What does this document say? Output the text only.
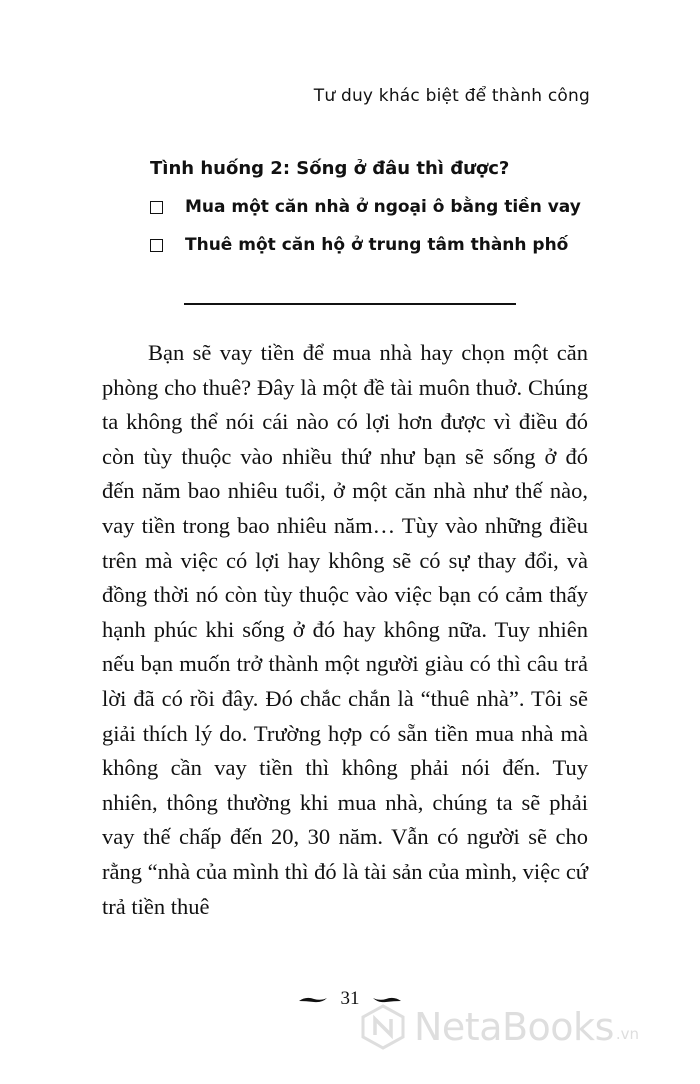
Tư duy khác biệt để thành công
Tình huống 2: Sống ở đâu thì được?
Mua một căn nhà ở ngoại ô bằng tiền vay
Thuê một căn hộ ở trung tâm thành phố

Bạn sẽ vay tiền để mua nhà hay chọn một căn phòng cho thuê? Đây là một đề tài muôn thuở. Chúng ta không thể nói cái nào có lợi hơn được vì điều đó còn tùy thuộc vào nhiều thứ như bạn sẽ sống ở đó đến năm bao nhiêu tuổi, ở một căn nhà như thế nào, vay tiền trong bao nhiêu năm… Tùy vào những điều trên mà việc có lợi hay không sẽ có sự thay đổi, và đồng thời nó còn tùy thuộc vào việc bạn có cảm thấy hạnh phúc khi sống ở đó hay không nữa. Tuy nhiên nếu bạn muốn trở thành một người giàu có thì câu trả lời đã có rồi đây. Đó chắc chắn là “thuê nhà”. Tôi sẽ giải thích lý do. Trường hợp có sẵn tiền mua nhà mà không cần vay tiền thì không phải nói đến. Tuy nhiên, thông thường khi mua nhà, chúng ta sẽ phải vay thế chấp đến 20, 30 năm. Vẫn có người sẽ cho rằng “nhà của mình thì đó là tài sản của mình, việc cứ trả tiền thuê

31
NetaBooks .vn
